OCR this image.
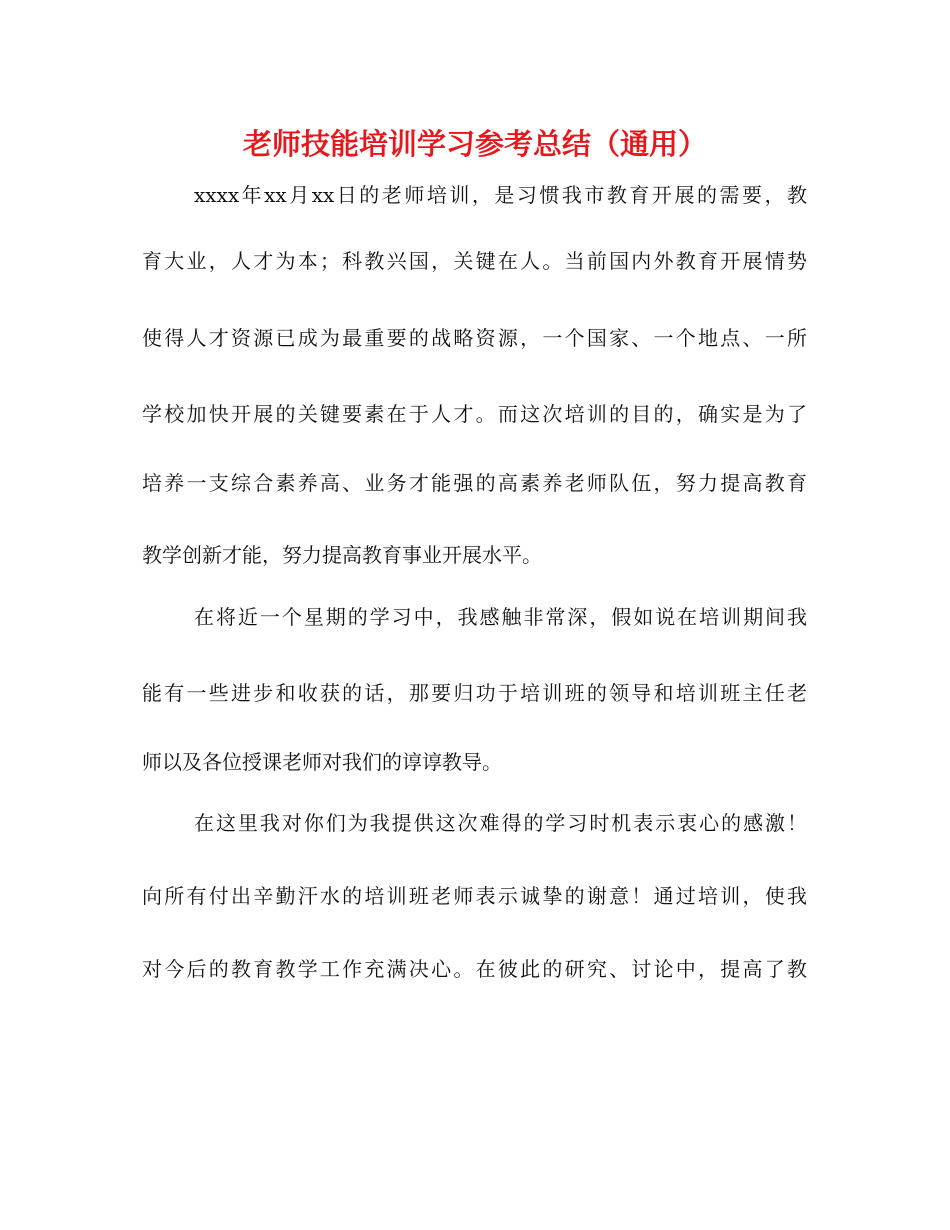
老师技能培训学习参考总结（通用）
xxxx年xx月xx日的老师培训，是习惯我市教育开展的需要，教
育大业，人才为本；科教兴国，关键在人。当前国内外教育开展情势
使得人才资源已成为最重要的战略资源，一个国家、一个地点、一所
学校加快开展的关键要素在于人才。而这次培训的目的，确实是为了
培养一支综合素养高、业务才能强的高素养老师队伍，努力提高教育
教学创新才能，努力提高教育事业开展水平。
在将近一个星期的学习中，我感触非常深，假如说在培训期间我
能有一些进步和收获的话，那要归功于培训班的领导和培训班主任老
师以及各位授课老师对我们的谆谆教导。
在这里我对你们为我提供这次难得的学习时机表示衷心的感激！
向所有付出辛勤汗水的培训班老师表示诚挚的谢意！通过培训，使我
对今后的教育教学工作充满决心。在彼此的研究、讨论中，提高了教
